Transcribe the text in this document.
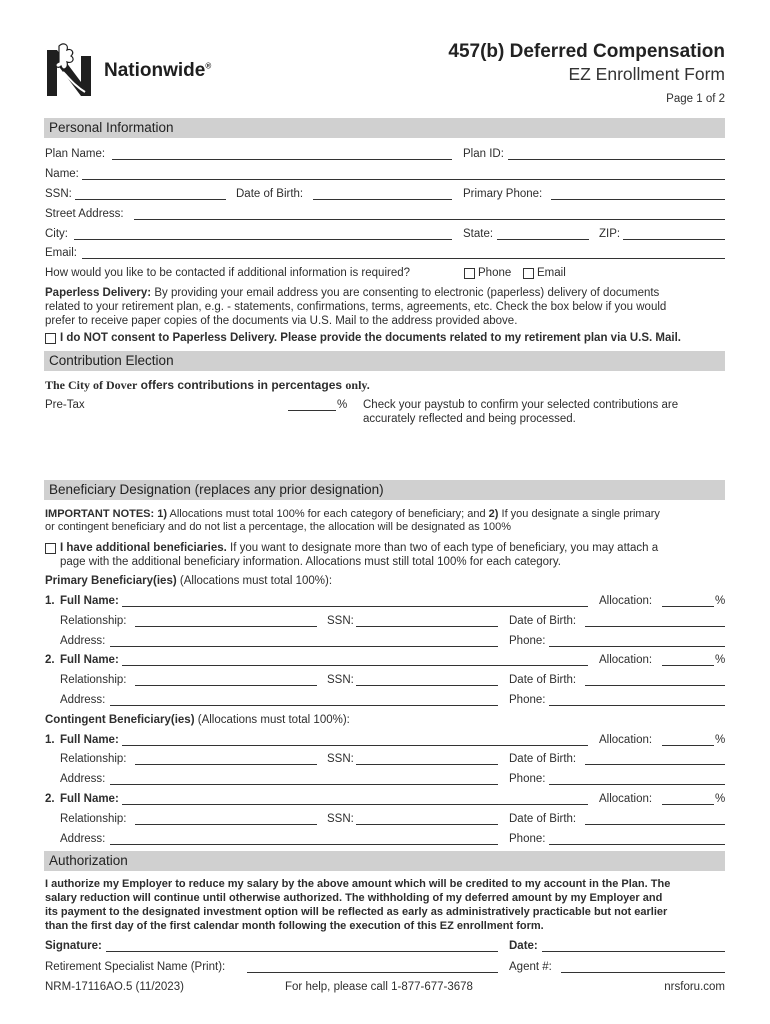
Nationwide®
457(b) Deferred Compensation
EZ Enrollment Form
Page 1 of 2
Personal Information
Plan Name:	Plan ID:
Name:
SSN:	Date of Birth:	Primary Phone:
Street Address:
City:	State:	ZIP:
Email:
How would you like to be contacted if additional information is required?	Phone Email
Paperless Delivery: By providing your email address you are consenting to electronic (paperless) delivery of documents
related to your retirement plan, e.g. - statements, confirmations, terms, agreements, etc. Check the box below if you would
prefer to receive paper copies of the documents via U.S. Mail to the address provided above.
I do NOT consent to Paperless Delivery. Please provide the documents related to my retirement plan via U.S. Mail.
Contribution Election
The City of Dover offers contributions in percentages only.
Pre-Tax	% Check your paystub to confirm your selected contributions are
accurately reflected and being processed.
Beneficiary Designation (replaces any prior designation)
IMPORTANT NOTES: 1) Allocations must total 100% for each category of beneficiary; and 2) If you designate a single primary
or contingent beneficiary and do not list a percentage, the allocation will be designated as 100%
I have additional beneficiaries. If you want to designate more than two of each type of beneficiary, you may attach a
page with the additional beneficiary information. Allocations must still total 100% for each category.
Primary Beneficiary(ies) (Allocations must total 100%):
1. Full Name:	Allocation:	%
Relationship:	SSN:	Date of Birth:
Address:	Phone:
2. Full Name:	Allocation:	%
Relationship:	SSN:	Date of Birth:
Address:	Phone:
Contingent Beneficiary(ies) (Allocations must total 100%):
1. Full Name:	Allocation:	%
Relationship:	SSN:	Date of Birth:
Address:	Phone:
2. Full Name:	Allocation:	%
Relationship:	SSN:	Date of Birth:
Address:	Phone:
Authorization
I authorize my Employer to reduce my salary by the above amount which will be credited to my account in the Plan. The
salary reduction will continue until otherwise authorized. The withholding of my deferred amount by my Employer and
its payment to the designated investment option will be reflected as early as administratively practicable but not earlier
than the first day of the first calendar month following the execution of this EZ enrollment form.
Signature:	Date:
Retirement Specialist Name (Print):	Agent #:
NRM-17116AO.5 (11/2023)	For help, please call 1-877-677-3678	nrsforu.com
